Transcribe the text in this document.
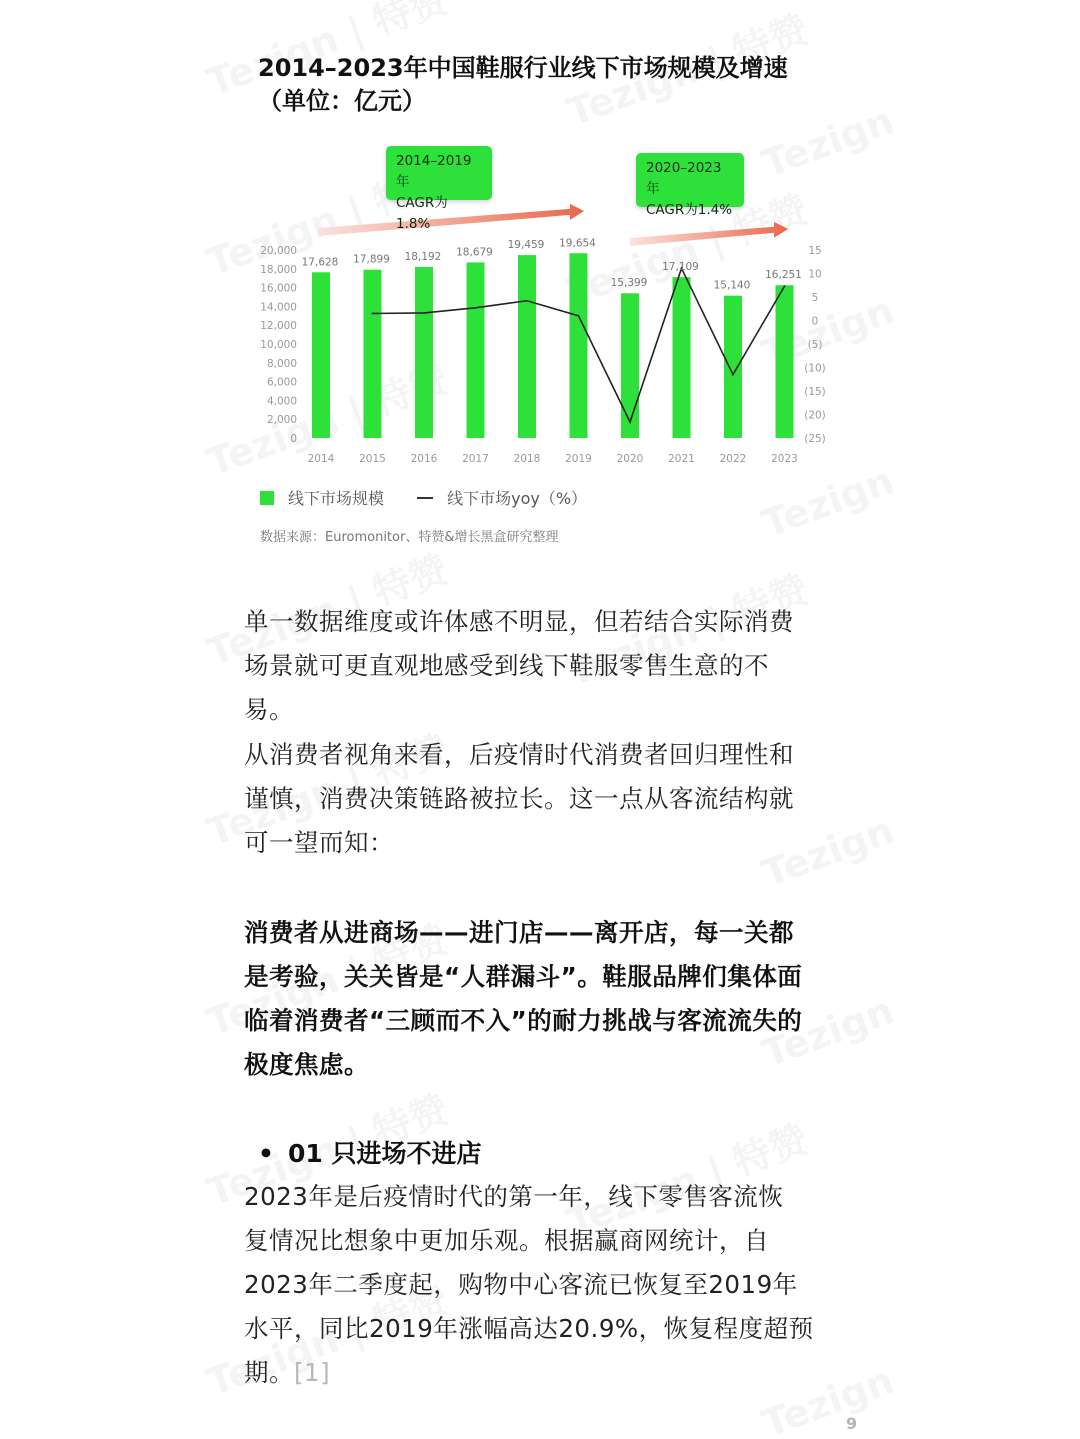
2014–2023年中国鞋服行业线下市场规模及增速
（单位：亿元）
17,628 17,899 18,192 18,679
19,459 19,654
15,399
17,109
15,140
16,251
0
2,000
4,000
6,000
8,000
10,000
12,000
14,000
16,000
18,000
20,000
(25)
(20)
(15)
(10)
(5)
0
5
10
15
2014 2015 2016 2017 2018 2019 2020 2021 2022 2023
2014–2019年
CAGR为1.8%
2020–2023年
CAGR为1.4%
线下市场规模	线下市场yoy（%）
数据来源：Euromonitor、特赞&增长黑盒研究整理
单一数据维度或许体感不明显，但若结合实际消费
场景就可更直观地感受到线下鞋服零售生意的不
易。
从消费者视角来看，后疫情时代消费者回归理性和
谨慎，消费决策链路被拉长。这一点从客流结构就
可一望而知：
消费者从进商场——进门店——离开店，每一关都
是考验，关关皆是“人群漏斗”。鞋服品牌们集体面
临着消费者“三顾而不入”的耐力挑战与客流流失的
极度焦虑。
• 01 只进场不进店
2023年是后疫情时代的第一年，线下零售客流恢
复情况比想象中更加乐观。根据赢商网统计，自
2023年二季度起，购物中心客流已恢复至2019年
水平，同比2019年涨幅高达20.9%，恢复程度超预
期。[1]
9
